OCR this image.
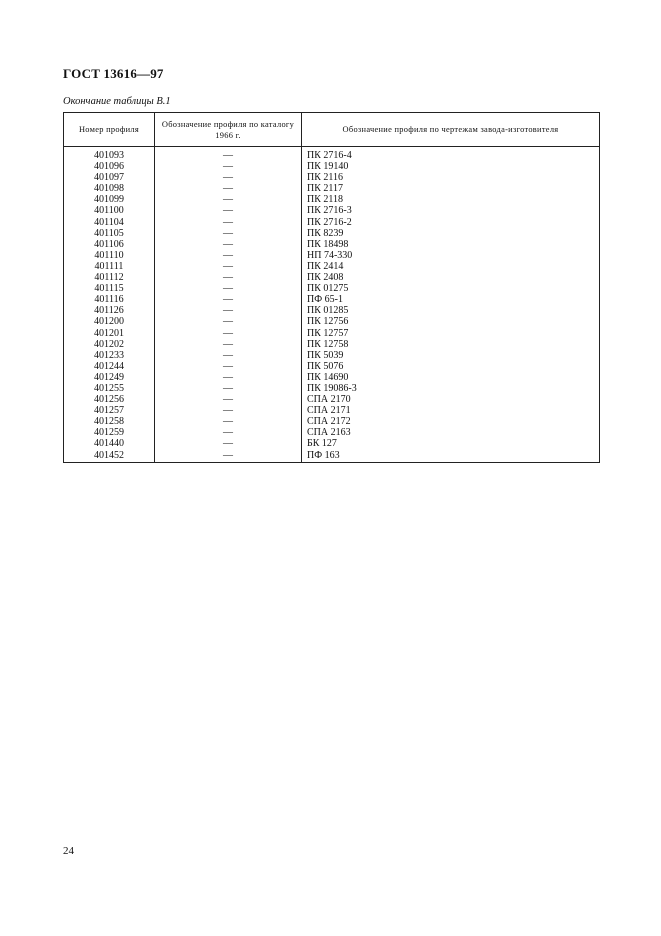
ГОСТ 13616—97
Окончание таблицы В.1
Номер профиля	Обозначение профиля по каталогу 1966 г.	Обозначение профиля по чертежам завода-изготовителя
401093	—	ПК 2716-4
401096	—	ПК 19140
401097	—	ПК 2116
401098	—	ПК 2117
401099	—	ПК 2118
401100	—	ПК 2716-3
401104	—	ПК 2716-2
401105	—	ПК 8239
401106	—	ПК 18498
401110	—	НП 74-330
401111	—	ПК 2414
401112	—	ПК 2408
401115	—	ПК 01275
401116	—	ПФ 65-1
401126	—	ПК 01285
401200	—	ПК 12756
401201	—	ПК 12757
401202	—	ПК 12758
401233	—	ПК 5039
401244	—	ПК 5076
401249	—	ПК 14690
401255	—	ПК 19086-3
401256	—	СПА 2170
401257	—	СПА 2171
401258	—	СПА 2172
401259	—	СПА 2163
401440	—	БК 127
401452	—	ПФ 163
24
